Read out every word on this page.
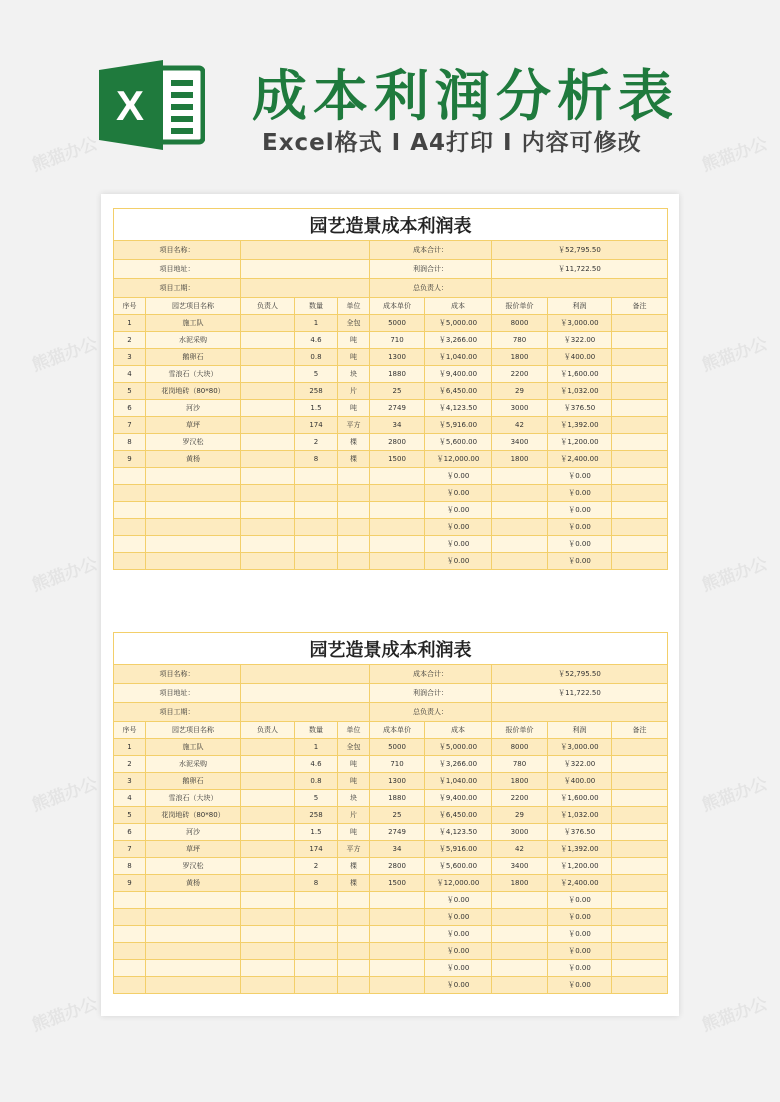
X 成本利润分析表
Excel格式 I A4打印 I 内容可修改
园艺造景成本利润表									
项目名称：					成本合计：		￥52,795.50		
项目地址：					利润合计：		￥11,722.50		
项目工期：					总负责人：				
序号	园艺项目名称	负责人	数量	单位	成本单价	成本	报价单价	利润	备注
1	施工队		1	全包	5000	￥5,000.00	8000	￥3,000.00	
2	水泥采购		4.6	吨	710	￥3,266.00	780	￥322.00	
3	鹅卵石		0.8	吨	1300	￥1,040.00	1800	￥400.00	
4	雪浪石（大块）		5	块	1880	￥9,400.00	2200	￥1,600.00	
5	花岗地砖（80*80）		258	片	25	￥6,450.00	29	￥1,032.00	
6	河沙		1.5	吨	2749	￥4,123.50	3000	￥376.50	
7	草坪		174	平方	34	￥5,916.00	42	￥1,392.00	
8	罗汉松		2	棵	2800	￥5,600.00	3400	￥1,200.00	
9	黄杨		8	棵	1500	￥12,000.00	1800	￥2,400.00	
						￥0.00		￥0.00	
						￥0.00		￥0.00	
						￥0.00		￥0.00	
						￥0.00		￥0.00	
						￥0.00		￥0.00	
						￥0.00		￥0.00	
园艺造景成本利润表									
项目名称：					成本合计：		￥52,795.50		
项目地址：					利润合计：		￥11,722.50		
项目工期：					总负责人：				
序号	园艺项目名称	负责人	数量	单位	成本单价	成本	报价单价	利润	备注
1	施工队		1	全包	5000	￥5,000.00	8000	￥3,000.00	
2	水泥采购		4.6	吨	710	￥3,266.00	780	￥322.00	
3	鹅卵石		0.8	吨	1300	￥1,040.00	1800	￥400.00	
4	雪浪石（大块）		5	块	1880	￥9,400.00	2200	￥1,600.00	
5	花岗地砖（80*80）		258	片	25	￥6,450.00	29	￥1,032.00	
6	河沙		1.5	吨	2749	￥4,123.50	3000	￥376.50	
7	草坪		174	平方	34	￥5,916.00	42	￥1,392.00	
8	罗汉松		2	棵	2800	￥5,600.00	3400	￥1,200.00	
9	黄杨		8	棵	1500	￥12,000.00	1800	￥2,400.00	
						￥0.00		￥0.00	
						￥0.00		￥0.00	
						￥0.00		￥0.00	
						￥0.00		￥0.00	
						￥0.00		￥0.00	
						￥0.00		￥0.00	
熊猫办公	熊猫办公
熊猫办公	熊猫办公
熊猫办公	熊猫办公
熊猫办公	熊猫办公
熊猫办公	熊猫办公
